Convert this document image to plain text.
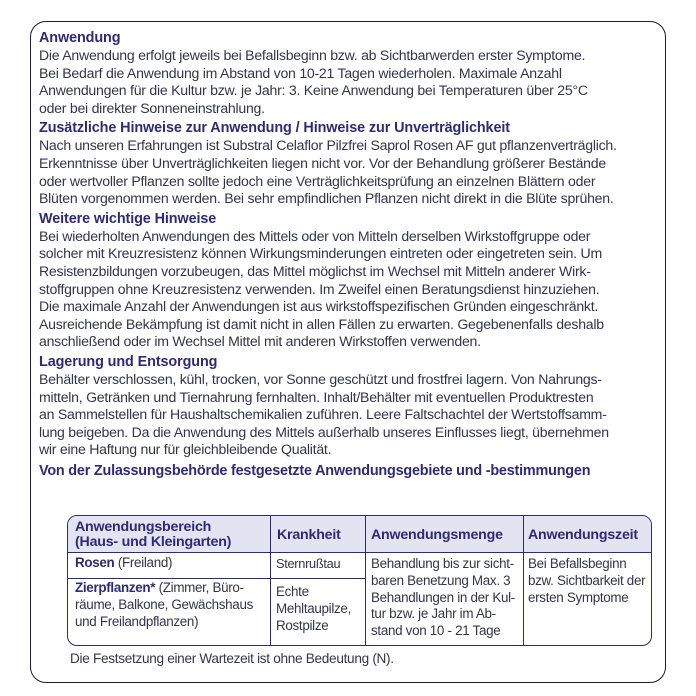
Anwendung

Die Anwendung erfolgt jeweils bei Befallsbeginn bzw. ab Sichtbarwerden erster Symptome.
Bei Bedarf die Anwendung im Abstand von 10-21 Tagen wiederholen. Maximale Anzahl
Anwendungen für die Kultur bzw. je Jahr: 3. Keine Anwendung bei Temperaturen über 25°C
oder bei direkter Sonneneinstrahlung.

Zusätzliche Hinweise zur Anwendung / Hinweise zur Unverträglichkeit

Nach unseren Erfahrungen ist Substral Celaflor Pilzfrei Saprol Rosen AF gut pflanzenverträglich.
Erkenntnisse über Unverträglichkeiten liegen nicht vor. Vor der Behandlung größerer Bestände
oder wertvoller Pflanzen sollte jedoch eine Verträglichkeitsprüfung an einzelnen Blättern oder
Blüten vorgenommen werden. Bei sehr empfindlichen Pflanzen nicht direkt in die Blüte sprühen.

Weitere wichtige Hinweise

Bei wiederholten Anwendungen des Mittels oder von Mitteln derselben Wirkstoffgruppe oder
solcher mit Kreuzresistenz können Wirkungsminderungen eintreten oder eingetreten sein. Um
Resistenzbildungen vorzubeugen, das Mittel möglichst im Wechsel mit Mitteln anderer Wirk-
stoffgruppen ohne Kreuzresistenz verwenden. Im Zweifel einen Beratungsdienst hinzuziehen.
Die maximale Anzahl der Anwendungen ist aus wirkstoffspezifischen Gründen eingeschränkt.
Ausreichende Bekämpfung ist damit nicht in allen Fällen zu erwarten. Gegebenenfalls deshalb
anschließend oder im Wechsel Mittel mit anderen Wirkstoffen verwenden.

Lagerung und Entsorgung

Behälter verschlossen, kühl, trocken, vor Sonne geschützt und frostfrei lagern. Von Nahrungs-
mitteln, Getränken und Tiernahrung fernhalten. Inhalt/Behälter mit eventuellen Produktresten
an Sammelstellen für Haushaltschemikalien zuführen. Leere Faltschachtel der Wertstoffsamm-
lung beigeben. Da die Anwendung des Mittels außerhalb unseres Einflusses liegt, übernehmen
wir eine Haftung nur für gleichbleibende Qualität.

Von der Zulassungsbehörde festgesetzte Anwendungsgebiete und -bestimmungen
Anwendungsbereich
(Haus- und Kleingarten)	Krankheit Anwendungsmenge Anwendungszeit
Rosen (Freiland)	Sternrußtau
Zierpflanzen* (Zimmer, Büro-
räume, Balkone, Gewächshaus
und Freilandpflanzen)
Echte
Mehltaupilze,
Rostpilze
Behandlung bis zur sicht-
baren Benetzung Max. 3
Behandlungen in der Kul-
tur bzw. je Jahr im Ab-
stand von 10 - 21 Tage
Bei Befallsbeginn
bzw. Sichtbarkeit der
ersten Symptome
Die Festsetzung einer Wartezeit ist ohne Bedeutung (N).
